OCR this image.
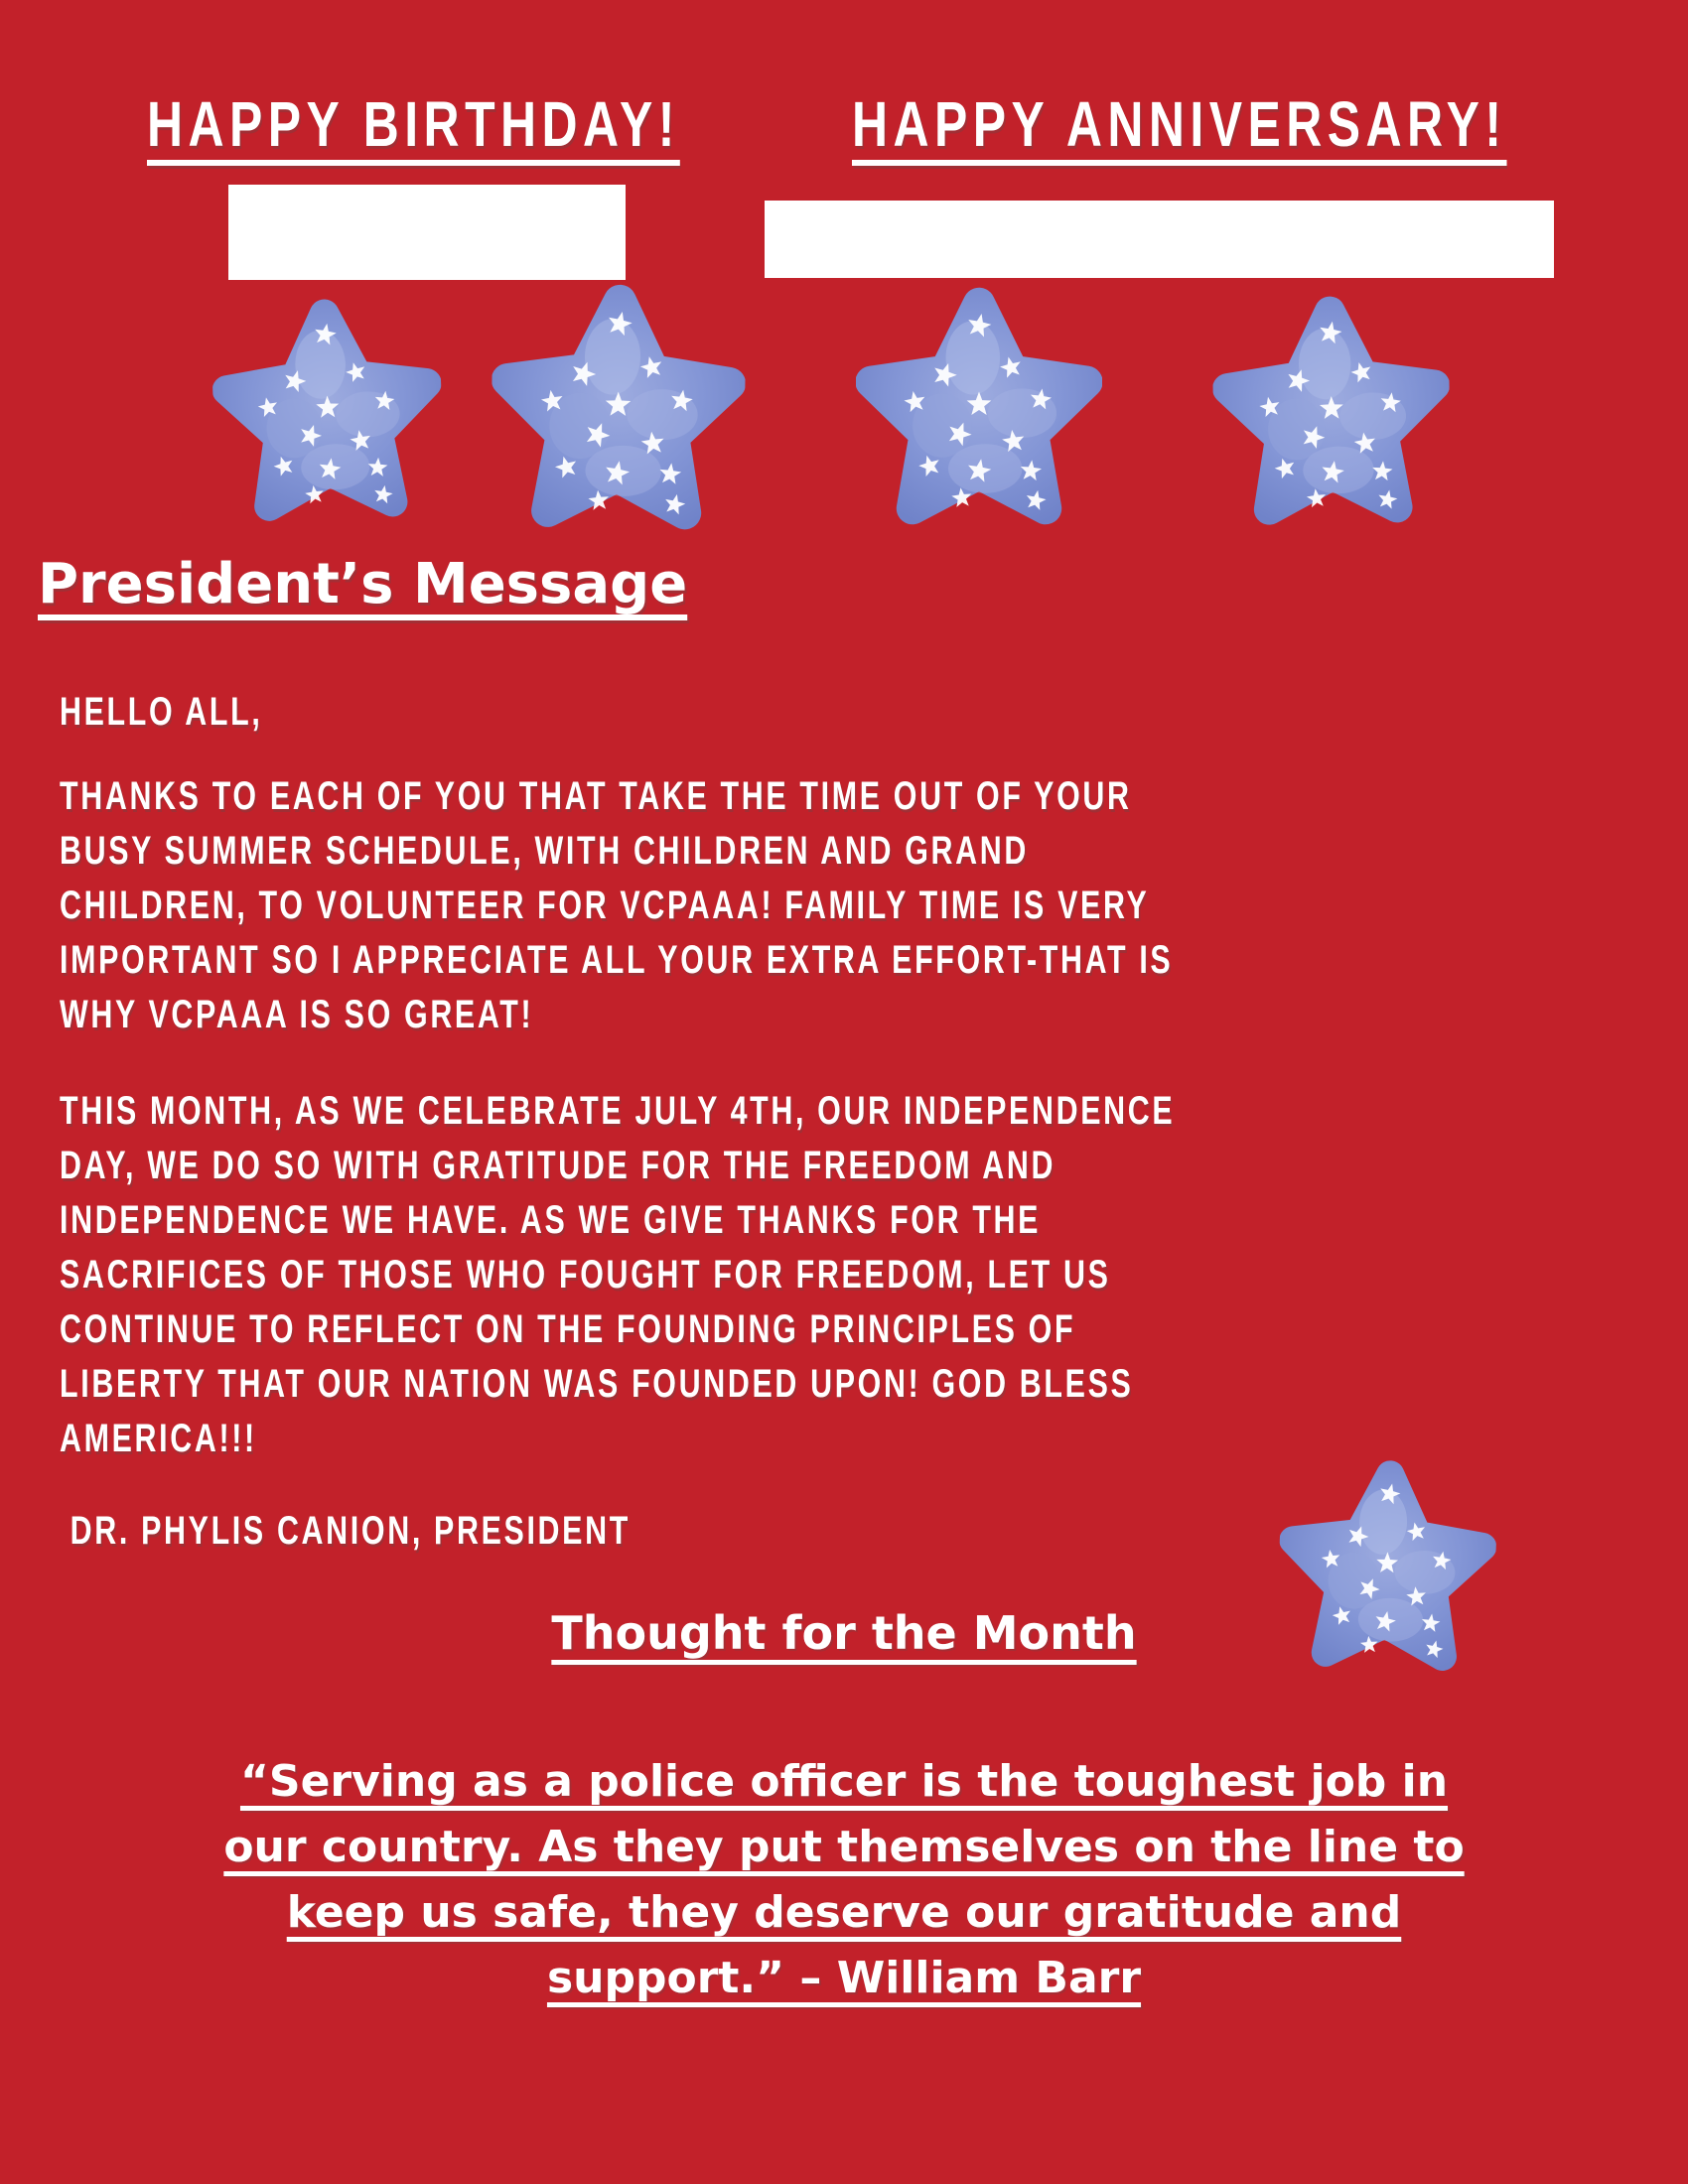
HAPPY BIRTHDAY!	HAPPY ANNIVERSARY!
President’s Message
HELLO ALL,
THANKS TO EACH OF YOU THAT TAKE THE TIME OUT OF YOUR
BUSY SUMMER SCHEDULE, WITH CHILDREN AND GRAND
CHILDREN, TO VOLUNTEER FOR VCPAAA! FAMILY TIME IS VERY
IMPORTANT SO I APPRECIATE ALL YOUR EXTRA EFFORT-THAT IS
WHY VCPAAA IS SO GREAT!
THIS MONTH, AS WE CELEBRATE JULY 4TH, OUR INDEPENDENCE
DAY, WE DO SO WITH GRATITUDE FOR THE FREEDOM AND
INDEPENDENCE WE HAVE. AS WE GIVE THANKS FOR THE
SACRIFICES OF THOSE WHO FOUGHT FOR FREEDOM, LET US
CONTINUE TO REFLECT ON THE FOUNDING PRINCIPLES OF
LIBERTY THAT OUR NATION WAS FOUNDED UPON! GOD BLESS
AMERICA!!!
DR. PHYLIS CANION, PRESIDENT
Thought for the Month
“Serving as a police officer is the toughest job in
our country. As they put themselves on the line to
keep us safe, they deserve our gratitude and
support.” – William Barr
